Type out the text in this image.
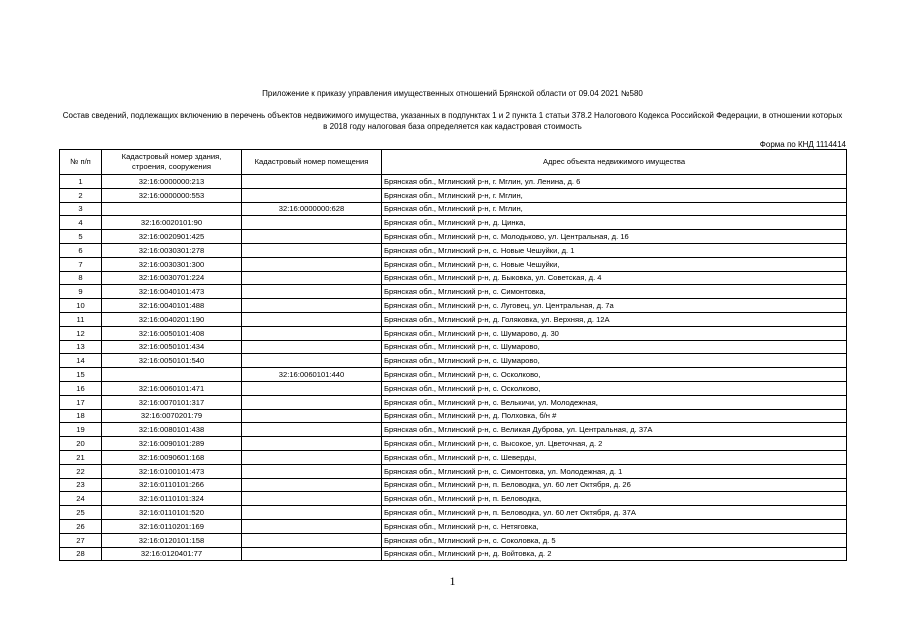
Приложение к приказу управления имущественных отношений Брянской области от 09.04 2021 №580
Состав сведений, подлежащих включению в перечень объектов недвижимого имущества, указанных в подпунктах 1 и 2 пункта 1 статьи 378.2 Налогового Кодекса Российской Федерации, в отношении которых в 2018 году налоговая база определяется как кадастровая стоимость
Форма по КНД 1114414
№ п/п	Кадастровый номер здания, строения, сооружения	Кадастровый номер помещения	Адрес объекта недвижимого имущества
1	32:16:0000000:213		Брянская обл., Мглинский р-н, г. Мглин, ул. Ленина, д. 6
2	32:16:0000000:553		Брянская обл., Мглинский р-н, г. Мглин,
3		32:16:0000000:628	Брянская обл., Мглинский р-н, г. Мглин,
4	32:16:0020101:90		Брянская обл., Мглинский р-н, д. Цинка,
5	32:16:0020901:425		Брянская обл., Мглинский р-н, с. Молодьково, ул. Центральная, д. 16
6	32:16:0030301:278		Брянская обл., Мглинский р-н, с. Новые Чешуйки, д. 1
7	32:16:0030301:300		Брянская обл., Мглинский р-н, с. Новые Чешуйки,
8	32:16:0030701:224		Брянская обл., Мглинский р-н, д. Быковка, ул. Советская, д. 4
9	32:16:0040101:473		Брянская обл., Мглинский р-н, с. Симонтовка,
10	32:16:0040101:488		Брянская обл., Мглинский р-н, с. Луговец, ул. Центральная, д. 7а
11	32:16:0040201:190		Брянская обл., Мглинский р-н, д. Голяковка, ул. Верхняя, д. 12А
12	32:16:0050101:408		Брянская обл., Мглинский р-н, с. Шумарово, д. 30
13	32:16:0050101:434		Брянская обл., Мглинский р-н, с. Шумарово,
14	32:16:0050101:540		Брянская обл., Мглинский р-н, с. Шумарово,
15		32:16:0060101:440	Брянская обл., Мглинский р-н, с. Осколково,
16	32:16:0060101:471		Брянская обл., Мглинский р-н, с. Осколково,
17	32:16:0070101:317		Брянская обл., Мглинский р-н, с. Велькичи, ул. Молодежная,
18	32:16:0070201:79		Брянская обл., Мглинский р-н, д. Полховка, б/н #
19	32:16:0080101:438		Брянская обл., Мглинский р-н, с. Великая Дуброва, ул. Центральная, д. 37А
20	32:16:0090101:289		Брянская обл., Мглинский р-н, с. Высокое, ул. Цветочная, д. 2
21	32:16:0090601:168		Брянская обл., Мглинский р-н, с. Шеверды,
22	32:16:0100101:473		Брянская обл., Мглинский р-н, с. Симонтовка, ул. Молодежная, д. 1
23	32:16:0110101:266		Брянская обл., Мглинский р-н, п. Беловодка, ул. 60 лет Октября, д. 26
24	32:16:0110101:324		Брянская обл., Мглинский р-н, п. Беловодка,
25	32:16:0110101:520		Брянская обл., Мглинский р-н, п. Беловодка, ул. 60 лет Октября, д. 37А
26	32:16:0110201:169		Брянская обл., Мглинский р-н, с. Нетяговка,
27	32:16:0120101:158		Брянская обл., Мглинский р-н, с. Соколовка, д. 5
28	32:16:0120401:77		Брянская обл., Мглинский р-н, д. Войтовка, д. 2
1
